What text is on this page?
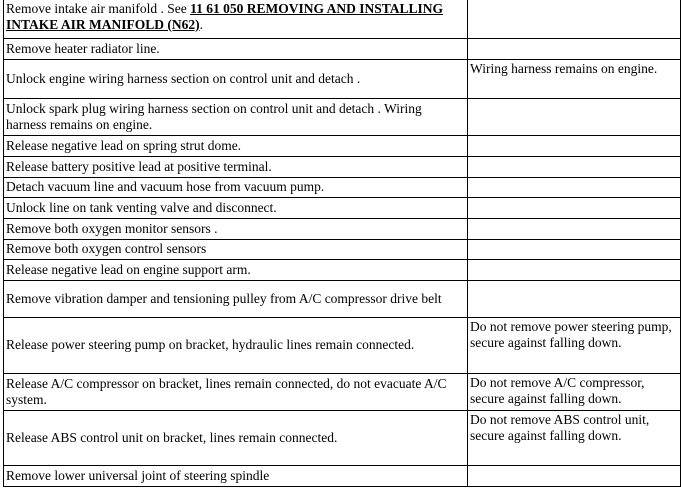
Remove intake air manifold . See 11 61 050 REMOVING AND INSTALLING INTAKE AIR MANIFOLD (N62).	
Remove heater radiator line.	
Unlock engine wiring harness section on control unit and detach .	Wiring harness remains on engine.
Unlock spark plug wiring harness section on control unit and detach . Wiring harness remains on engine.	
Release negative lead on spring strut dome.	
Release battery positive lead at positive terminal.	
Detach vacuum line and vacuum hose from vacuum pump.	
Unlock line on tank venting valve and disconnect.	
Remove both oxygen monitor sensors .	
Remove both oxygen control sensors	
Release negative lead on engine support arm.	
Remove vibration damper and tensioning pulley from A/C compressor drive belt	
Release power steering pump on bracket, hydraulic lines remain connected.	Do not remove power steering pump, secure against falling down.
Release A/C compressor on bracket, lines remain connected, do not evacuate A/C system.	Do not remove A/C compressor, secure against falling down.
Release ABS control unit on bracket, lines remain connected.	Do not remove ABS control unit, secure against falling down.
Remove lower universal joint of steering spindle	
